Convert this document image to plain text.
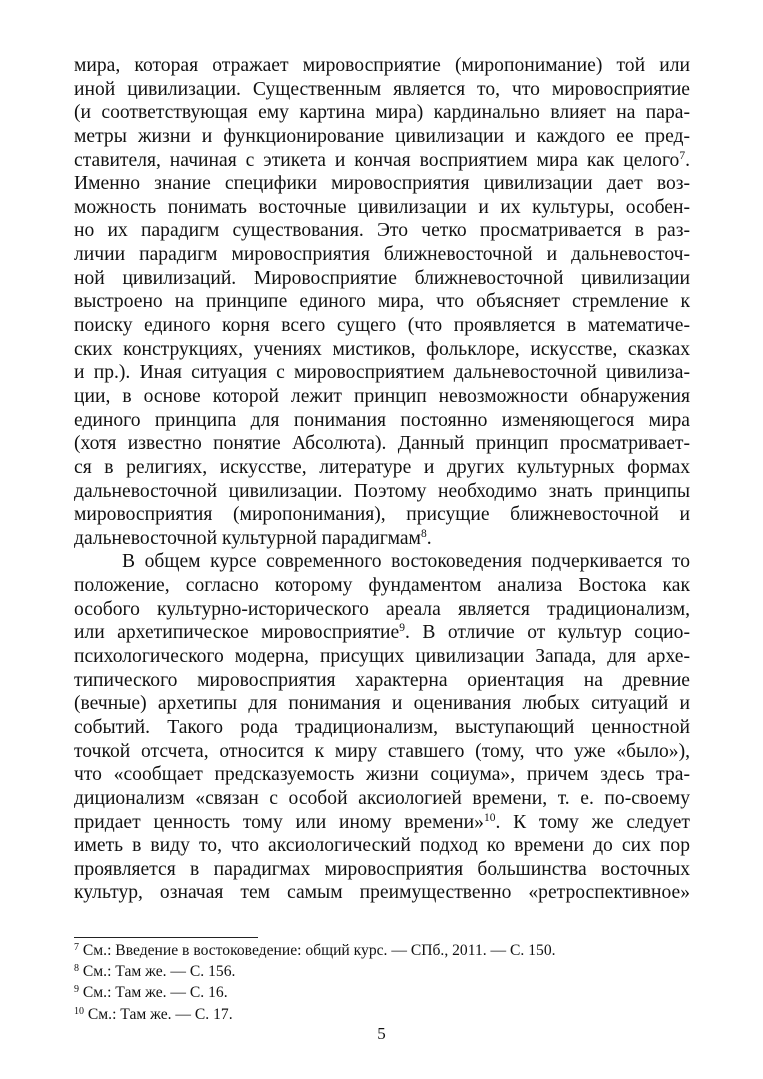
мира, которая отражает мировосприятие (миропонимание) той или
иной цивилизации. Существенным является то, что мировосприятие
(и соответствующая ему картина мира) кардинально влияет на пара-
метры жизни и функционирование цивилизации и каждого ее пред-
ставителя, начиная с этикета и кончая восприятием мира как целого$^7$.
Именно знание специфики мировосприятия цивилизации дает воз-
можность понимать восточные цивилизации и их культуры, особен-
но их парадигм существования. Это четко просматривается в раз-
личии парадигм мировосприятия ближневосточной и дальневосточ-
ной цивилизаций. Мировосприятие ближневосточной цивилизации
выстроено на принципе единого мира, что объясняет стремление к
поиску единого корня всего сущего (что проявляется в математиче-
ских конструкциях, учениях мистиков, фольклоре, искусстве, сказках
и пр.). Иная ситуация с мировосприятием дальневосточной цивилиза-
ции, в основе которой лежит принцип невозможности обнаружения
единого принципа для понимания постоянно изменяющегося мира
(хотя известно понятие Абсолюта). Данный принцип просматривает-
ся в религиях, искусстве, литературе и других культурных формах
дальневосточной цивилизации. Поэтому необходимо знать принципы
мировосприятия (миропонимания), присущие ближневосточной и
дальневосточной культурной парадигмам$^8$.
В общем курсе современного востоковедения подчеркивается то
положение, согласно которому фундаментом анализа Востока как
особого культурно-исторического ареала является традиционализм,
или архетипическое мировосприятие$^9$. В отличие от культур социо-
психологического модерна, присущих цивилизации Запада, для архе-
типического мировосприятия характерна ориентация на древние
(вечные) архетипы для понимания и оценивания любых ситуаций и
событий. Такого рода традиционализм, выступающий ценностной
точкой отсчета, относится к миру ставшего (тому, что уже «было»),
что «сообщает предсказуемость жизни социума», причем здесь тра-
диционализм «связан с особой аксиологией времени, т. е. по-своему
придает ценность тому или иному времени»$^{10}$. К тому же следует
иметь в виду то, что аксиологический подход ко времени до сих пор
проявляется в парадигмах мировосприятия большинства восточных
культур, означая тем самым преимущественно «ретроспективное»
$^7$ См.: Введение в востоковедение: общий курс. — СПб., 2011. — С. 150.
$^8$ См.: Там же. — С. 156.
$^9$ См.: Там же. — С. 16.
$^{10}$ См.: Там же. — С. 17.
5
